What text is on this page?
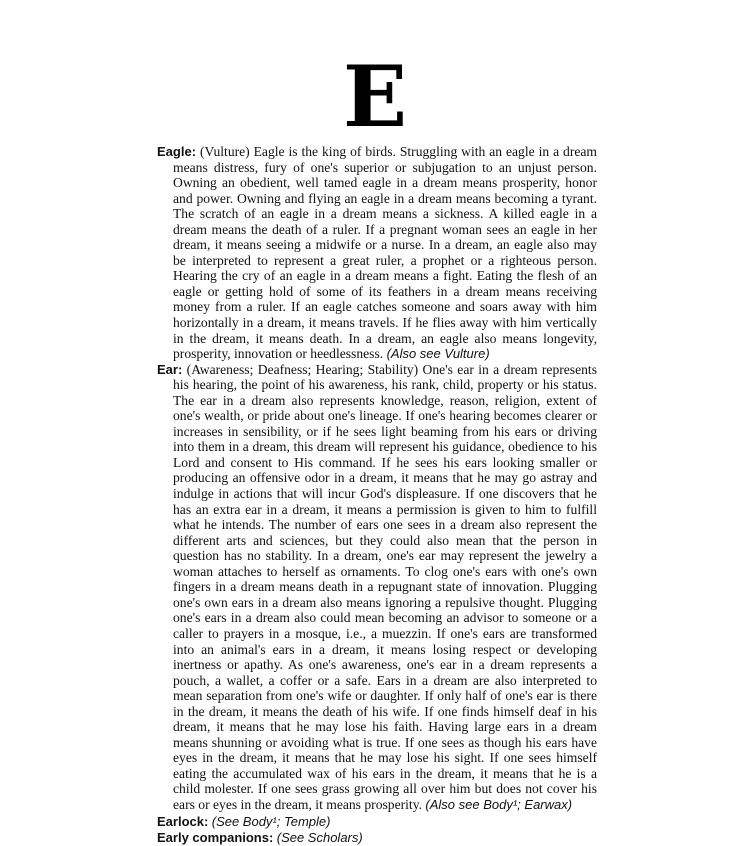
E

Eagle: (Vulture) Eagle is the king of birds. Struggling with an eagle in a dream means distress, fury of one's superior or subjugation to an unjust person. Owning an obedient, well tamed eagle in a dream means prosperity, honor and power. Owning and flying an eagle in a dream means becoming a tyrant. The scratch of an eagle in a dream means a sickness. A killed eagle in a dream means the death of a ruler. If a pregnant woman sees an eagle in her dream, it means seeing a midwife or a nurse. In a dream, an eagle also may be interpreted to represent a great ruler, a prophet or a righteous person. Hearing the cry of an eagle in a dream means a fight. Eating the flesh of an eagle or getting hold of some of its feathers in a dream means receiving money from a ruler. If an eagle catches someone and soars away with him horizontally in a dream, it means travels. If he flies away with him vertically in the dream, it means death. In a dream, an eagle also means longevity, prosperity, innovation or heedlessness. (Also see Vulture)

Ear: (Awareness; Deafness; Hearing; Stability) One's ear in a dream represents his hearing, the point of his awareness, his rank, child, property or his status. The ear in a dream also represents knowledge, reason, religion, extent of one's wealth, or pride about one's lineage. If one's hearing becomes clearer or increases in sensibility, or if he sees light beaming from his ears or driving into them in a dream, this dream will represent his guidance, obedience to his Lord and consent to His command. If he sees his ears looking smaller or producing an offensive odor in a dream, it means that he may go astray and indulge in actions that will incur God's displeasure. If one discovers that he has an extra ear in a dream, it means a permission is given to him to fulfill what he intends. The number of ears one sees in a dream also represent the different arts and sciences, but they could also mean that the person in question has no stability. In a dream, one's ear may represent the jewelry a woman attaches to herself as ornaments. To clog one's ears with one's own fingers in a dream means death in a repugnant state of innovation. Plugging one's own ears in a dream also means ignoring a repulsive thought. Plugging one's ears in a dream also could mean becoming an advisor to someone or a caller to prayers in a mosque, i.e., a muezzin. If one's ears are transformed into an animal's ears in a dream, it means losing respect or developing inertness or apathy. As one's awareness, one's ear in a dream represents a pouch, a wallet, a coffer or a safe. Ears in a dream are also interpreted to mean separation from one's wife or daughter. If only half of one's ear is there in the dream, it means the death of his wife. If one finds himself deaf in his dream, it means that he may lose his faith. Having large ears in a dream means shunning or avoiding what is true. If one sees as though his ears have eyes in the dream, it means that he may lose his sight. If one sees himself eating the accumulated wax of his ears in the dream, it means that he is a child molester. If one sees grass growing all over him but does not cover his ears or eyes in the dream, it means prosperity. (Also see Body¹; Earwax)

Earlock: (See Body¹; Temple)

Early companions: (See Scholars)
